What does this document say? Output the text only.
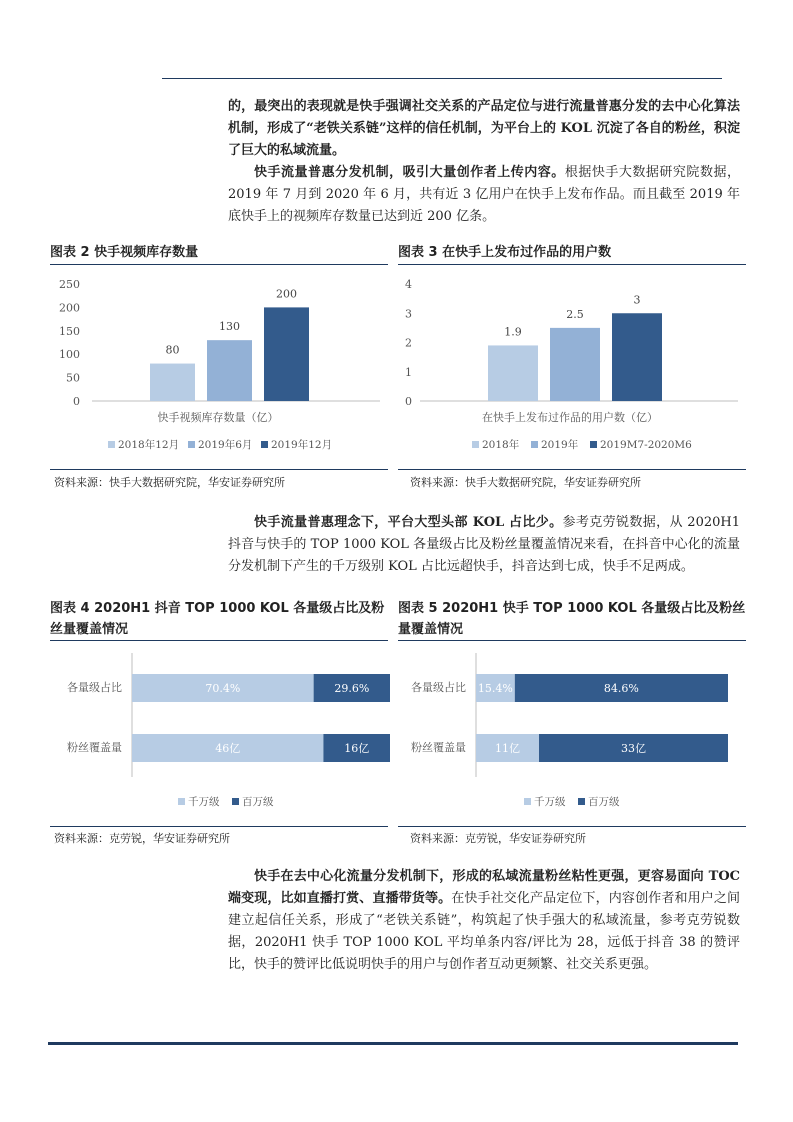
的，最突出的表现就是快手强调社交关系的产品定位与进行流量普惠分发的去中心化算法机制，形成了“老铁关系链”这样的信任机制，为平台上的 KOL 沉淀了各自的粉丝，积淀了巨大的私域流量。
快手流量普惠分发机制，吸引大量创作者上传内容。根据快手大数据研究院数据，2019 年 7 月到 2020 年 6 月，共有近 3 亿用户在快手上发布作品。而且截至 2019 年底快手上的视频库存数量已达到近 200 亿条。
图表 2 快手视频库存数量	图表 3 在快手上发布过作品的用户数
0
50
100
150
200
250
80
130
200
快手视频库存数量（亿）
2018年12月 2019年6月 2019年12月
0
1
2
3
4
1.9
2.5
3
在快手上发布过作品的用户数（亿）
2018年 2019年 2019M7-2020M6
资料来源：快手大数据研究院，华安证券研究所	资料来源：快手大数据研究院，华安证券研究所
快手流量普惠理念下，平台大型头部 KOL 占比少。参考克劳锐数据，从 2020H1 抖音与快手的 TOP 1000 KOL 各量级占比及粉丝量覆盖情况来看，在抖音中心化的流量分发机制下产生的千万级别 KOL 占比远超快手，抖音达到七成，快手不足两成。
图表 4 2020H1 抖音 TOP 1000 KOL 各量级占比及粉丝量覆盖情况
图表 5 2020H1 快手 TOP 1000 KOL 各量级占比及粉丝量覆盖情况
各量级占比	70.4%	29.6%
粉丝覆盖量	46亿	16亿
千万级 百万级
各量级占比 15.4%	84.6%
粉丝覆盖量	11亿	33亿
千万级 百万级
资料来源：克劳锐，华安证券研究所	资料来源：克劳锐，华安证券研究所
快手在去中心化流量分发机制下，形成的私域流量粉丝粘性更强，更容易面向 TOC 端变现，比如直播打赏、直播带货等。在快手社交化产品定位下，内容创作者和用户之间建立起信任关系，形成了“老铁关系链”，构筑起了快手强大的私域流量，参考克劳锐数据，2020H1 快手 TOP 1000 KOL 平均单条内容/评比为 28，远低于抖音 38 的赞评比，快手的赞评比低说明快手的用户与创作者互动更频繁、社交关系更强。
